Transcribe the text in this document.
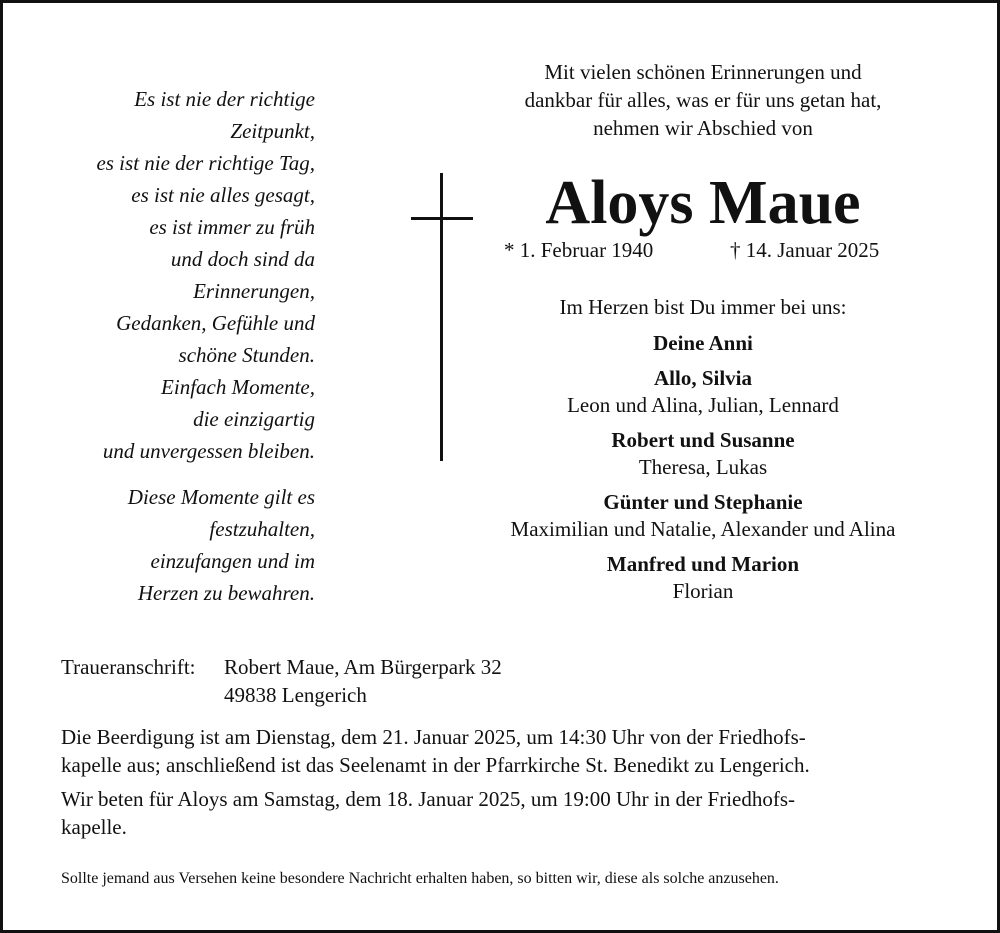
Es ist nie der richtige
Zeitpunkt,
es ist nie der richtige Tag,
es ist nie alles gesagt,
es ist immer zu früh
und doch sind da
Erinnerungen,
Gedanken, Gefühle und
schöne Stunden.
Einfach Momente,
die einzigartig
und unvergessen bleiben.
Diese Momente gilt es
festzuhalten,
einzufangen und im
Herzen zu bewahren.
Mit vielen schönen Erinnerungen und
dankbar für alles, was er für uns getan hat,
nehmen wir Abschied von
Aloys Maue
* 1. Februar 1940	† 14. Januar 2025
Im Herzen bist Du immer bei uns:
Deine Anni
Allo, Silvia
Leon und Alina, Julian, Lennard
Robert und Susanne
Theresa, Lukas
Günter und Stephanie
Maximilian und Natalie, Alexander und Alina
Manfred und Marion
Florian
Traueranschrift: Robert Maue, Am Bürgerpark 32
49838 Lengerich
Die Beerdigung ist am Dienstag, dem 21. Januar 2025, um 14:30 Uhr von der Friedhofs-
kapelle aus; anschließend ist das Seelenamt in der Pfarrkirche St. Benedikt zu Lengerich.
Wir beten für Aloys am Samstag, dem 18. Januar 2025, um 19:00 Uhr in der Friedhofs-
kapelle.
Sollte jemand aus Versehen keine besondere Nachricht erhalten haben, so bitten wir, diese als solche anzusehen.
